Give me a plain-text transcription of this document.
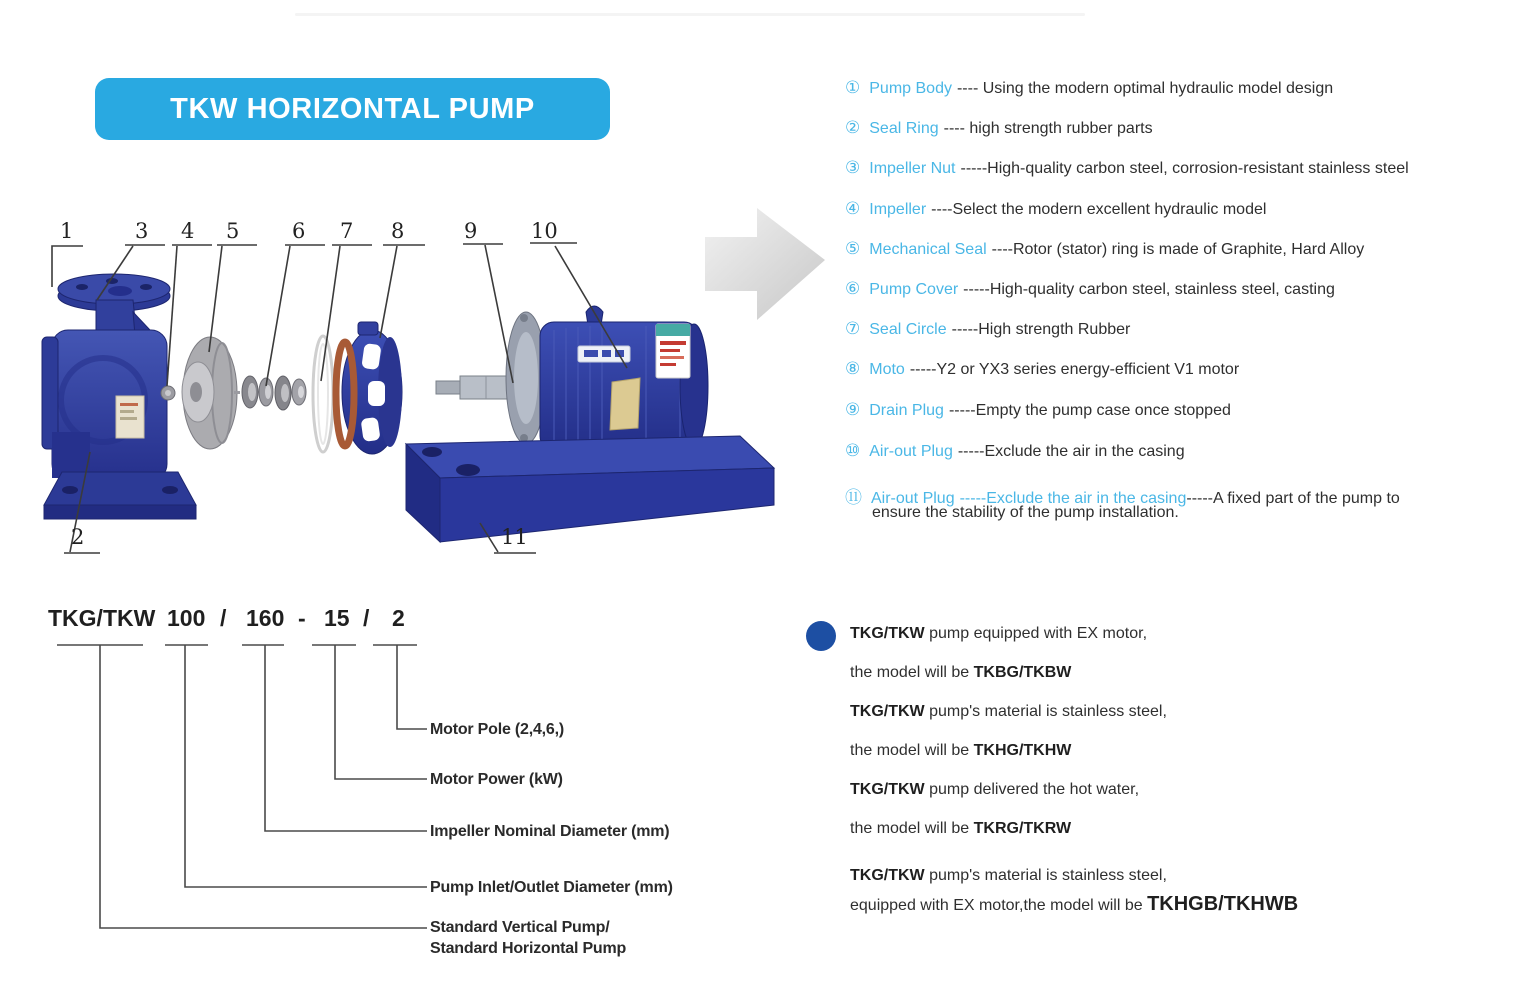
TKW HORIZONTAL PUMP
1	3 4 5	6 7 8	9	10
2	11
① Pump Body ---- Using the modern optimal hydraulic model design
② Seal Ring ---- high strength rubber parts
③ Impeller Nut -----High-quality carbon steel, corrosion-resistant stainless steel
④ Impeller ----Select the modern excellent hydraulic model
⑤ Mechanical Seal ----Rotor (stator) ring is made of Graphite, Hard Alloy
⑥ Pump Cover -----High-quality carbon steel, stainless steel, casting
⑦ Seal Circle -----High strength Rubber
⑧ Moto -----Y2 or YX3 series energy-efficient V1 motor
⑨ Drain Plug -----Empty the pump case once stopped
⑩ Air-out Plug -----Exclude the air in the casing
⑪ Air-out Plug -----Exclude the air in the casing-----A fixed part of the pump to
ensure the stability of the pump installation.
TKG/TKW 100 / 160 - 15 / 2
Motor Pole (2,4,6,)
Motor Power (kW)
Impeller Nominal Diameter (mm)
Pump Inlet/Outlet Diameter (mm)
Standard Vertical Pump/
Standard Horizontal Pump
TKG/TKW pump equipped with EX motor,
the model will be TKBG/TKBW
TKG/TKW pump's material is stainless steel,
the model will be TKHG/TKHW
TKG/TKW pump delivered the hot water,
the model will be TKRG/TKRW
TKG/TKW pump's material is stainless steel,
equipped with EX motor,the model will be TKHGB/TKHWB
